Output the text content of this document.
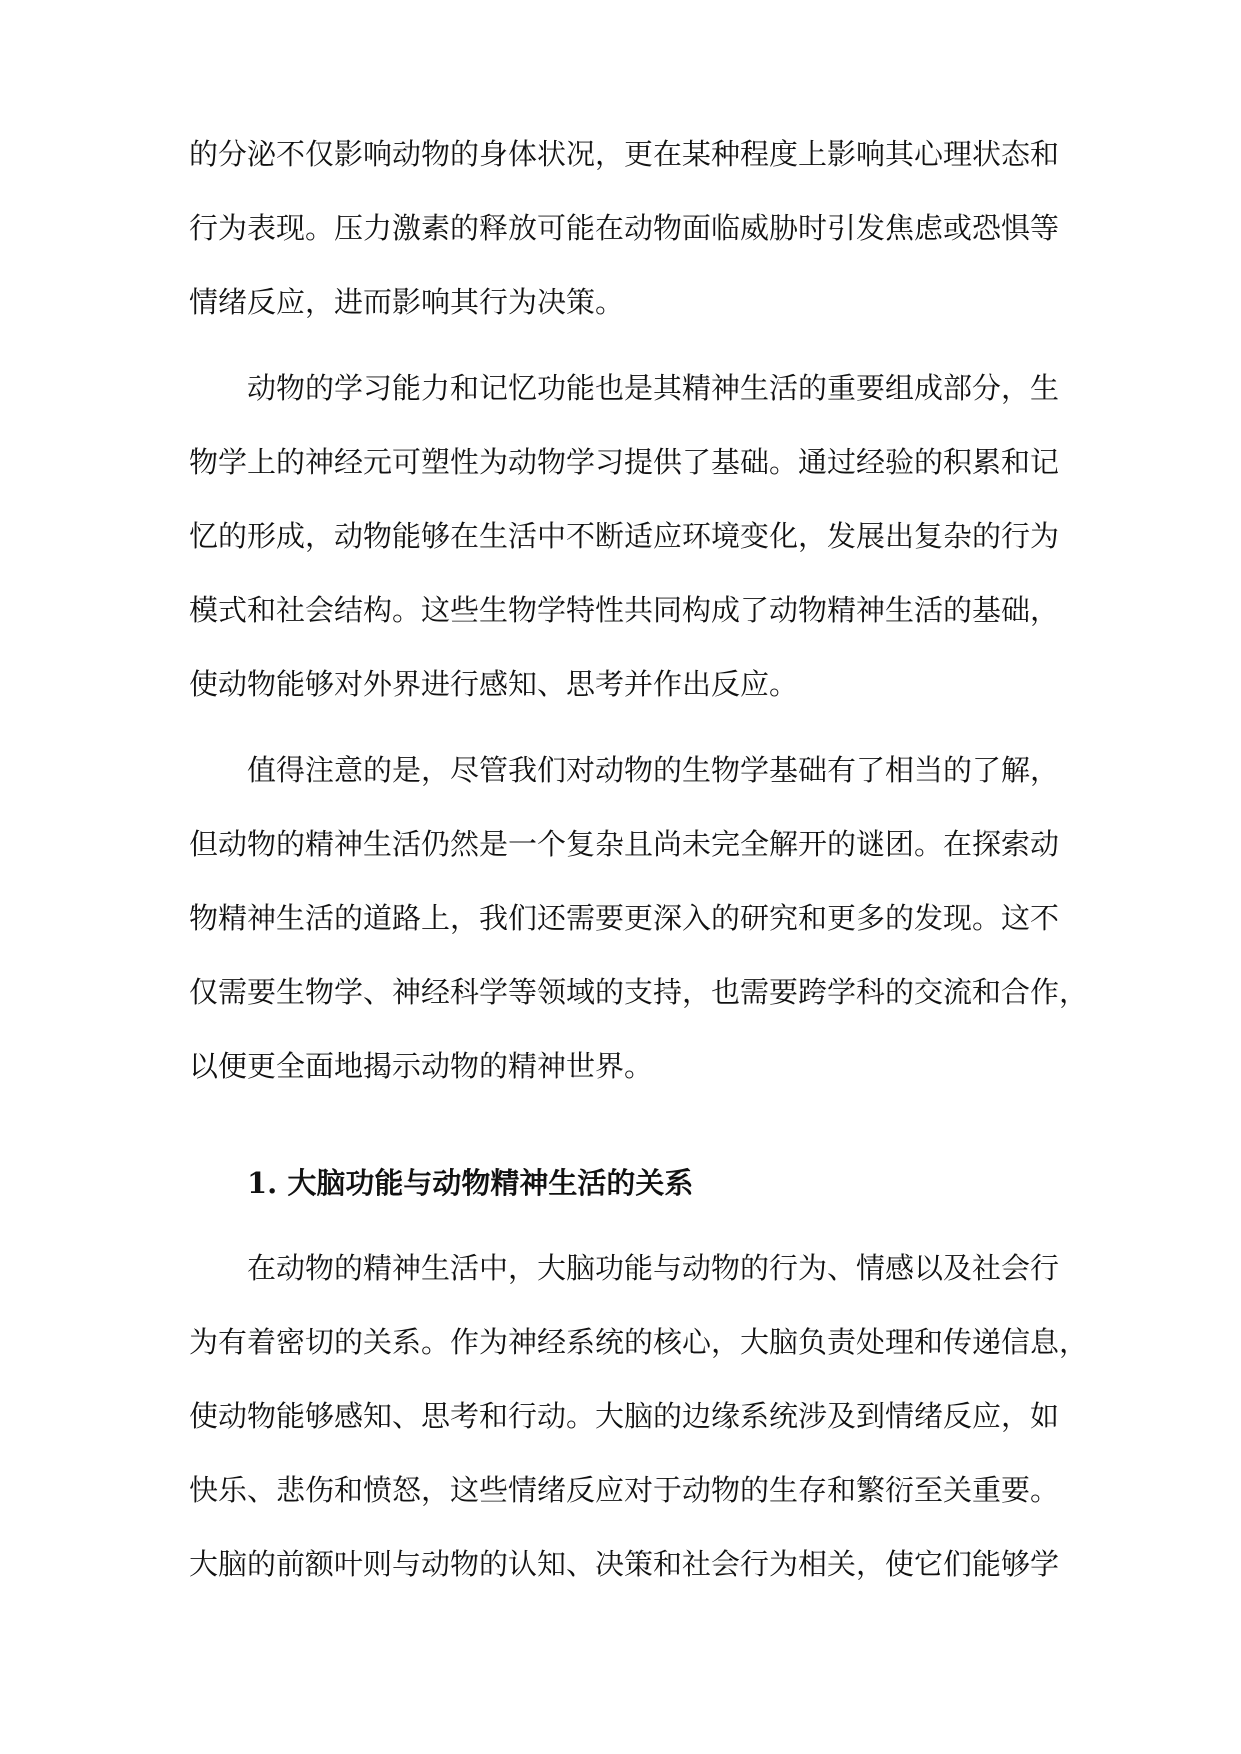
的分泌不仅影响动物的身体状况，更在某种程度上影响其心理状态和
行为表现。压力激素的释放可能在动物面临威胁时引发焦虑或恐惧等
情绪反应，进而影响其行为决策。
动物的学习能力和记忆功能也是其精神生活的重要组成部分，生
物学上的神经元可塑性为动物学习提供了基础。通过经验的积累和记
忆的形成，动物能够在生活中不断适应环境变化，发展出复杂的行为
模式和社会结构。这些生物学特性共同构成了动物精神生活的基础，
使动物能够对外界进行感知、思考并作出反应。
值得注意的是，尽管我们对动物的生物学基础有了相当的了解，
但动物的精神生活仍然是一个复杂且尚未完全解开的谜团。在探索动
物精神生活的道路上，我们还需要更深入的研究和更多的发现。这不
仅需要生物学、神经科学等领域的支持，也需要跨学科的交流和合作，
以便更全面地揭示动物的精神世界。
1. 大脑功能与动物精神生活的关系
在动物的精神生活中，大脑功能与动物的行为、情感以及社会行
为有着密切的关系。作为神经系统的核心，大脑负责处理和传递信息，
使动物能够感知、思考和行动。大脑的边缘系统涉及到情绪反应，如
快乐、悲伤和愤怒，这些情绪反应对于动物的生存和繁衍至关重要。
大脑的前额叶则与动物的认知、决策和社会行为相关，使它们能够学
